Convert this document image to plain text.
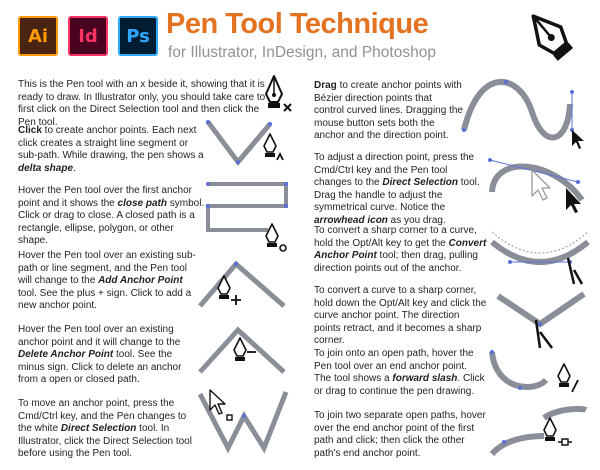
Ai	Id	Ps Pen Tool Technique
for Illustrator, InDesign, and Photoshop
This is the Pen tool with an x beside it, showing that it is ready to draw. In Illustrator only, you should take care to first click on the Direct Selection tool and then click the Pen tool.
Click to create anchor points. Each next click creates a straight line segment or sub-path. While drawing, the pen shows a delta shape.
Hover the Pen tool over the first anchor point and it shows the close path symbol. Click or drag to close. A closed path is a rectangle, ellipse, polygon, or other shape.
Hover the Pen tool over an existing sub-path or line segment, and the Pen tool will change to the Add Anchor Point tool. See the plus + sign. Click to add a new anchor point.
Hover the Pen tool over an existing anchor point and it will change to the Delete Anchor Point tool. See the minus sign. Click to delete an anchor from a open or closed path.
To move an anchor point, press the Cmd/Ctrl key, and the Pen changes to the white Direct Selection tool. In Illustrator, click the Direct Selection tool before using the Pen tool.
Drag to create anchor points with Bézier direction points that control curved lines. Dragging the mouse button sets both the anchor and the direction point.
To adjust a direction point, press the Cmd/Ctrl key and the Pen tool changes to the Direct Selection tool. Drag the handle to adjust the symmetrical curve. Notice the arrowhead icon as you drag.
To convert a sharp corner to a curve, hold the Opt/Alt key to get the Convert Anchor Point tool; then drag, pulling direction points out of the anchor.
To convert a curve to a sharp corner, hold down the Opt/Alt key and click the curve anchor point. The direction points retract, and it becomes a sharp corner.
To join onto an open path, hover the Pen tool over an end anchor point. The tool shows a forward slash. Click or drag to continue the pen drawing.
To join two separate open paths, hover over the end anchor point of the first path and click; then click the other path's end anchor point.
